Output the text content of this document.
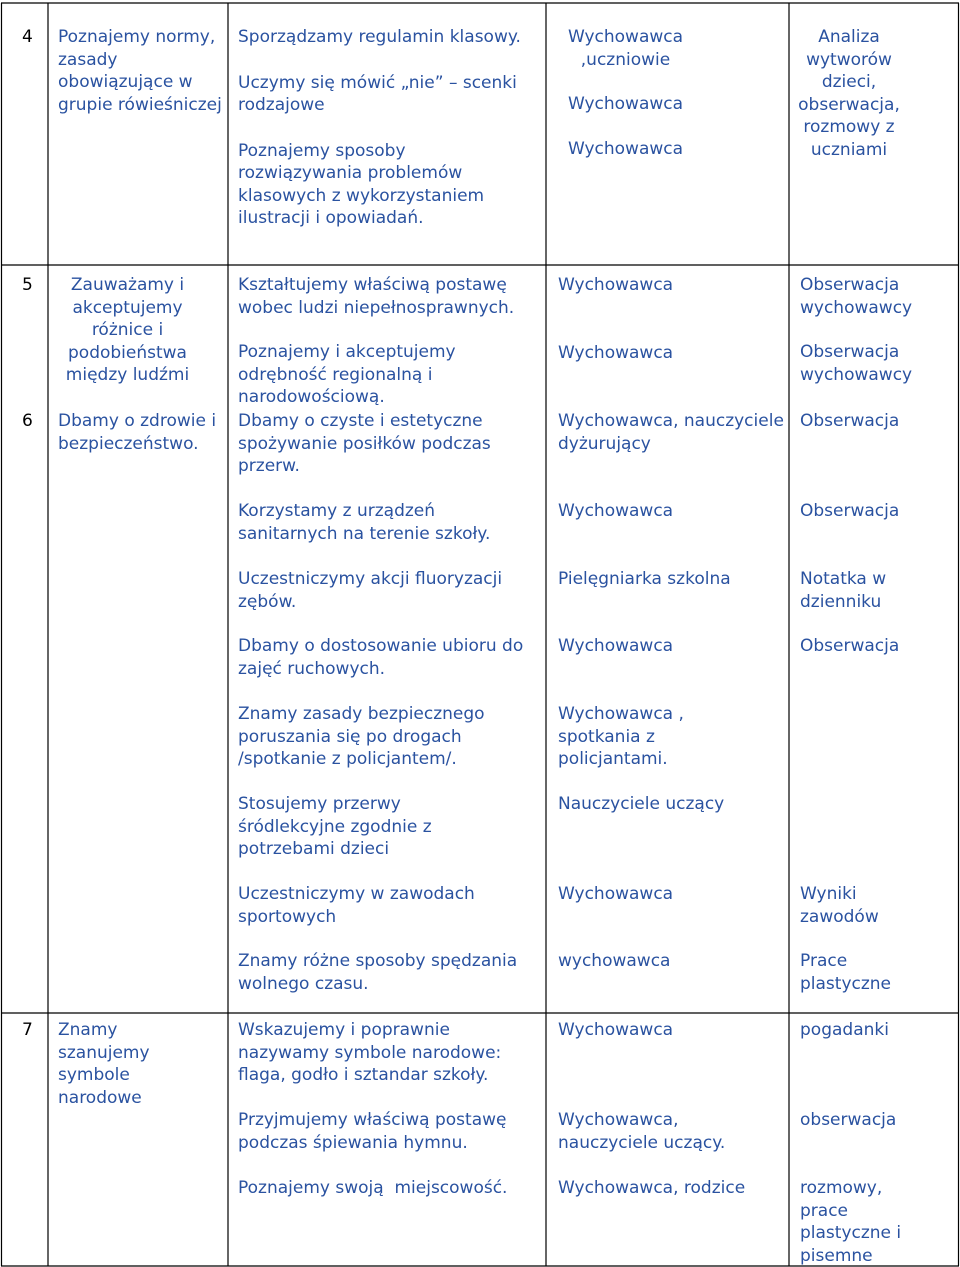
4 Poznajemy normy, zasady obowiązujące w grupie rówieśniczej

Sporządzamy regulamin klasowy.

Uczymy się mówić „nie” – scenki rodzajowe

Poznajemy sposoby rozwiązywania problemów klasowych z wykorzystaniem ilustracji i opowiadań.

Wychowawca ,uczniowie

Wychowawca

Wychowawca

Analiza wytworów dzieci, obserwacja, rozmowy z uczniami
5	Zauważamy i akceptujemy różnice i podobieństwa między ludźmi

Kształtujemy właściwą postawę wobec ludzi niepełnosprawnych.

Poznajemy i akceptujemy odrębność regionalną i narodowościową.

Wychowawca

Wychowawca

Obserwacja wychowawcy

Obserwacja wychowawcy

6 Dbamy o zdrowie i bezpieczeństwo.
Dbamy o czyste i estetyczne spożywanie posiłków podczas przerw.
Korzystamy z urządzeń sanitarnych na terenie szkoły.
Uczestniczymy akcji fluoryzacji zębów.
Dbamy o dostosowanie ubioru do zajęć ruchowych.
Znamy zasady bezpiecznego poruszania się po drogach /spotkanie z policjantem/.
Stosujemy przerwy śródlekcyjne zgodnie z potrzebami dzieci
Uczestniczymy w zawodach sportowych
Znamy różne sposoby spędzania wolnego czasu.
Wychowawca, nauczyciele dyżurujący
Wychowawca
Pielęgniarka szkolna
Wychowawca
Wychowawca , spotkania z policjantami.
Nauczyciele uczący
Wychowawca
wychowawca
Obserwacja
Obserwacja
Notatka w dzienniku
Obserwacja
Wyniki zawodów
Prace plastyczne
7 Znamy szanujemy symbole narodowe
Wskazujemy i poprawnie nazywamy symbole narodowe: flaga, godło i sztandar szkoły.
Przyjmujemy właściwą postawę podczas śpiewania hymnu.
Poznajemy swoją  miejscowość.
Wychowawca
Wychowawca, nauczyciele uczący.
Wychowawca, rodzice
pogadanki
obserwacja
rozmowy, prace plastyczne i pisemne
